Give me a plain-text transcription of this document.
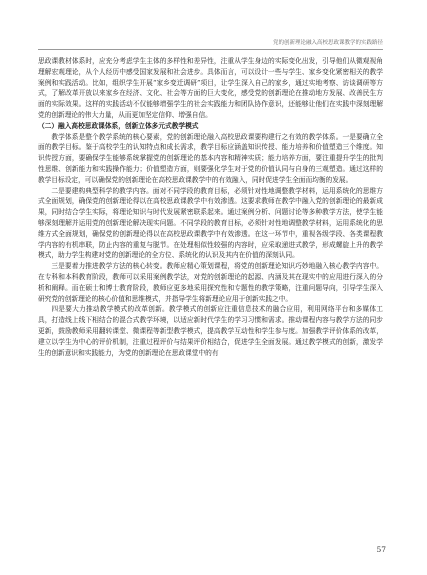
党的创新理论融入高校思政课教学的实践路径

思政课教材体系时，应充分考虑学生主体的多样性和差异性，注重从学生身边的实际变化出发，引导他们从微观视角理解宏观理论，从个人经历中感受国家发展和社会进步。具体而言，可以设计一些与学生、家乡变化紧密相关的教学案例和实践活动。比如，组织学生开展“家乡变迁调研”项目，让学生深入自己的家乡，通过实地考察、访谈调研等方式，了解改革开放以来家乡在经济、文化、社会等方面的巨大变化，感受党的创新理论在推动地方发展、改善民生方面的实际效果。这样的实践活动不仅能够增强学生的社会实践能力和团队协作意识，还能够让他们在实践中深刻理解党的创新理论的伟大力量，从而更加坚定信仰、增强自信。

（二）融入高校思政课体系，创新立体多元式教学模式

教学体系是整个教学系统的核心要素，党的创新理论融入高校思政课要构建行之有效的教学体系。一是要确立全面的教学目标。鉴于高校学生的认知特点和成长需求，教学目标应涵盖知识传授、能力培养和价值塑造三个维度。知识传授方面，要确保学生能够系统掌握党的创新理论的基本内容和精神实质；能力培养方面，要注重提升学生的批判性思维、创新能力和实践操作能力；价值塑造方面，则要强化学生对于党的价值认同与自身的三观塑造。通过这样的教学目标设定，可以确保党的创新理论在高校思政课教学中的有效融入，同时促进学生全面而均衡的发展。

二是要建构典型科学的教学内容。面对不同学段的教育目标，必须针对性地调整教学材料，运用系统化的思维方式全面规划，确保党的创新理论得以在高校思政课教学中有效渗透。这要求教师在教学中融入党的创新理论的最新成果，同时结合学生实际，将理论知识与时代发展紧密联系起来。通过案例分析、问题讨论等多种教学方法，使学生能够深刻理解并运用党的创新理论解决现实问题。不同学段的教育目标，必须针对性地调整教学材料，运用系统化的思维方式全面规划，确保党的创新理论得以在高校思政课教学中有效渗透。在这一环节中，重视各级学段、各类课程教学内容的有机串联，防止内容的重复与脱节。在处理相似性较强的内容时，应采取递进式教学，形成螺旋上升的教学模式，助力学生构建对党的创新理论的全方位、系统化的认识及其内在价值的深刻认同。

三是要着力推进教学方法的核心转变。教师应精心策划课程，将党的创新理论知识巧妙地融入核心教学内容中。在专科和本科教育阶段，教师可以采用案例教学法，对党的创新理论的起源、内涵及其在现实中的应用进行深入的分析和阐释。而在硕士和博士教育阶段，教师应更多地采用探究性和专题性的教学策略，注重问题导向，引导学生深入研究党的创新理论的核心价值和思维模式，并指导学生将新理论应用于创新实践之中。

四是要大力推动教学模式的改革创新。教学模式的创新应注重信息技术的融合应用，利用网络平台和多媒体工具，打造线上线下相结合的混合式教学环境，以适应新时代学生的学习习惯和需求。推动课程内容与教学方法的同步更新，鼓励教师采用翻转课堂、微课程等新型教学模式，提高教学互动性和学生参与度。加强教学评价体系的改革，建立以学生为中心的评价机制，注重过程评价与结果评价相结合，促进学生全面发展。通过教学模式的创新，激发学生的创新意识和实践能力，为党的创新理论在思政课堂中的有

57
